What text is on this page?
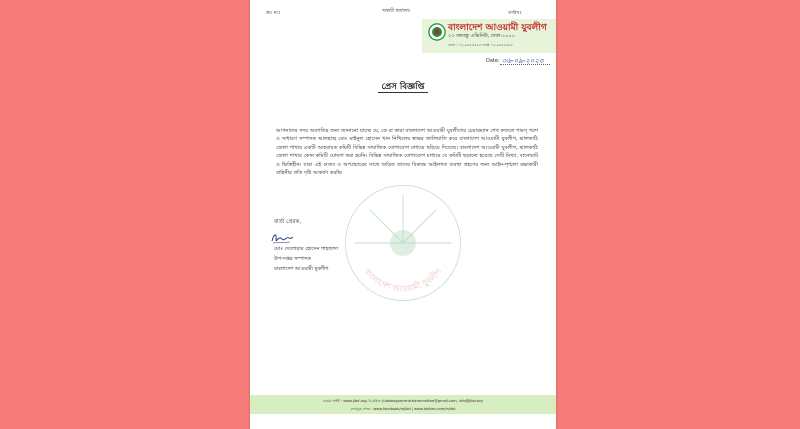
ক্রঃ নংঃ	অস্থায়ী কার্যালয়	তারিখঃ
বাংলাদেশ আওয়ামী যুবলীগ
২৩ বঙ্গবন্ধু এভিনিউ, ঢাকা-১০০০
ফোন : ০২-৯৫৫৫৫৫৫ ফ্যাক্স ০২-৯৫৫৫৫৫৫
Date: ০৬-০৯-২০২৩
প্রেস বিজ্ঞপ্তি
বাংলাদেশ আওয়ামী যুবলীগ

আপনাদের সদয় অবগতির জন্য জানানো যাচ্ছে যে, কে বা কারা বাংলাদেশ আওয়ামী যুবলীগের চেয়ারম্যান শেখ ফজলে শামস্ পরশ ও সাধারণ সম্পাদক আলহাজ্ব মোঃ মাইনুল হোসেন খান নিখিলের স্বাক্ষর জালিয়াতি করে বাংলাদেশ আওয়ামী যুবলীগ, ঝালকাঠি জেলা শাখার একটি আহবায়ক কমিটি বিভিন্ন সামাজিক যোগাযোগ মাধ্যমে ছড়িয়ে দিয়েছে। বাংলাদেশ আওয়ামী যুবলীগ, ঝালকাঠি জেলা শাখার কোন কমিটি ঘোষণা করা হয়নি। বিভিন্ন সামাজিক যোগাযোগ মাধ্যমে যে কমিটি ছড়ানো হয়েছে সেটি মিথ্যা, বানোয়াট ও ভিত্তিহীন। যারা এই গুজব ও অপপ্রচারের সাথে জড়িত তাদের বিরুদ্ধে আইনগত ব্যবস্থা গ্রহণের জন্য আইন-শৃঙ্খলা রক্ষাকারী বাহিনীর প্রতি দৃষ্টি আকর্ষণ করছি।

বার্তা প্রেরক,
মোঃ দেলোয়ার হোসেন শাহজাদা
উপ-দপ্তর সম্পাদক
বাংলাদেশ আওয়ামী যুবলীগ
ওয়েব সাইট : www.jlbd.org, ই-মেইল: jubaleaguecentralcommittee@gmail.com, info@jlbd.org
ফেসবুক পেজ : www.facebook/mjlbd | www.twitter.com/mjlbd
